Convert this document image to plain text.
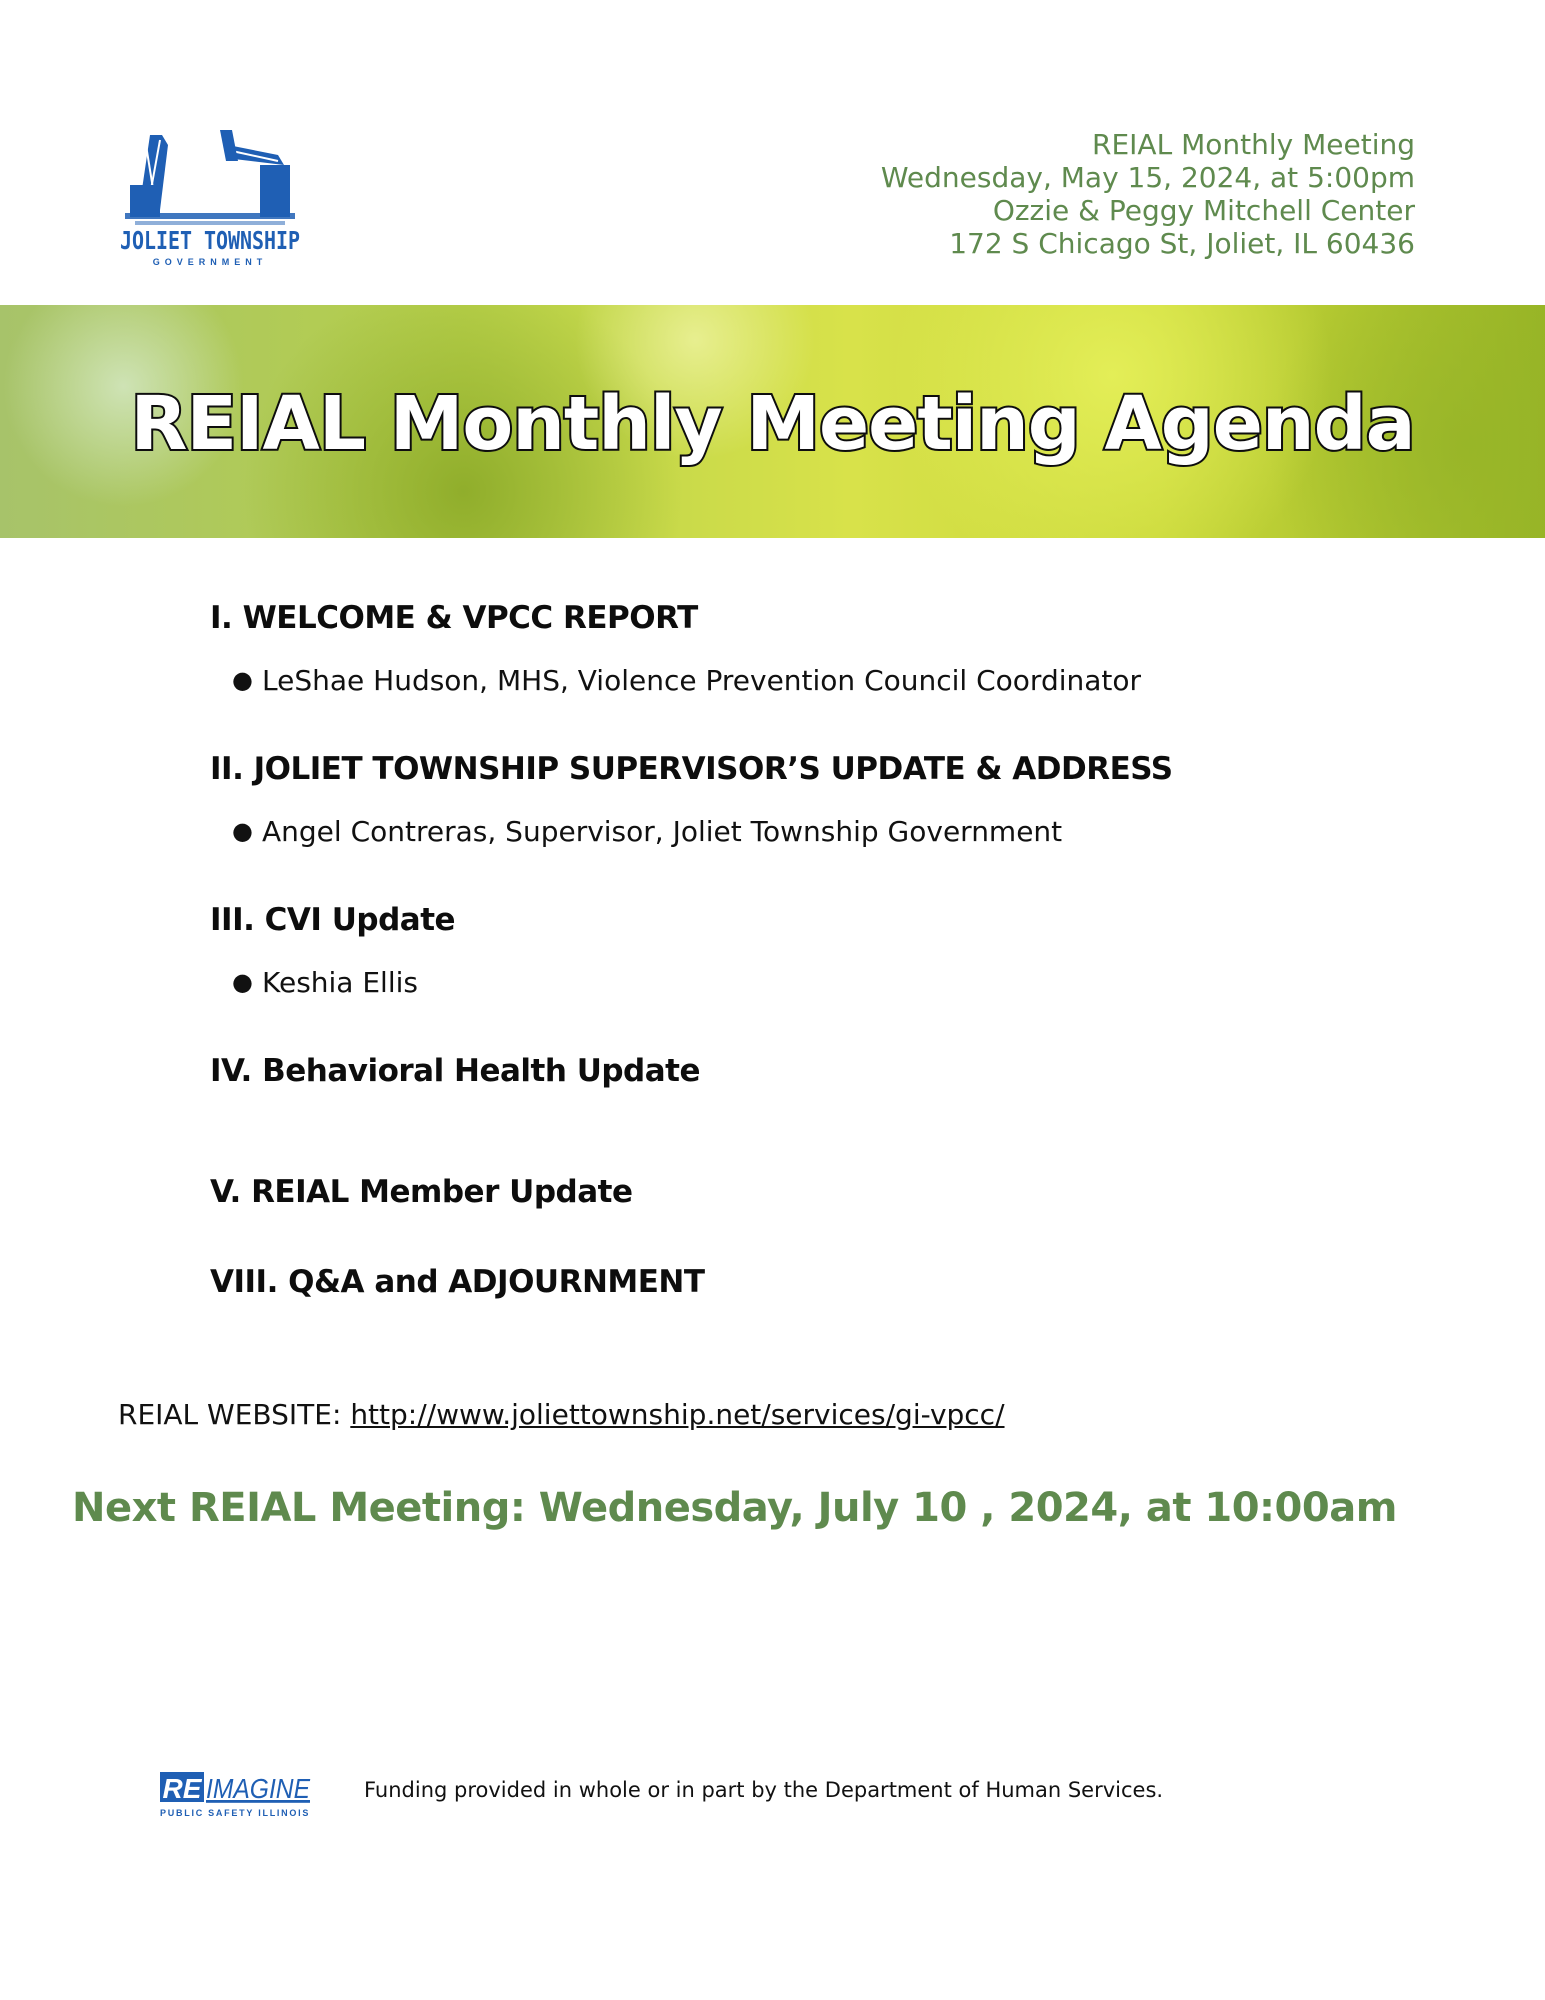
JOLIET TOWNSHIP
GOVERNMENT
REIAL Monthly Meeting
Wednesday, May 15, 2024, at 5:00pm
Ozzie & Peggy Mitchell Center
172 S Chicago St, Joliet, IL 60436
REIAL Monthly Meeting Agenda
I. WELCOME & VPCC REPORT
● LeShae Hudson, MHS, Violence Prevention Council Coordinator
II. JOLIET TOWNSHIP SUPERVISOR’S UPDATE & ADDRESS
● Angel Contreras, Supervisor, Joliet Township Government
III. CVI Update
● Keshia Ellis
IV. Behavioral Health Update
V. REIAL Member Update
VIII. Q&A and ADJOURNMENT
REIAL WEBSITE: http://www.joliettownship.net/services/gi-vpcc/
Next REIAL Meeting: Wednesday, July 10 , 2024, at 10:00am
RE IMAGINE
PUBLIC SAFETY ILLINOIS
Funding provided in whole or in part by the Department of Human Services.
